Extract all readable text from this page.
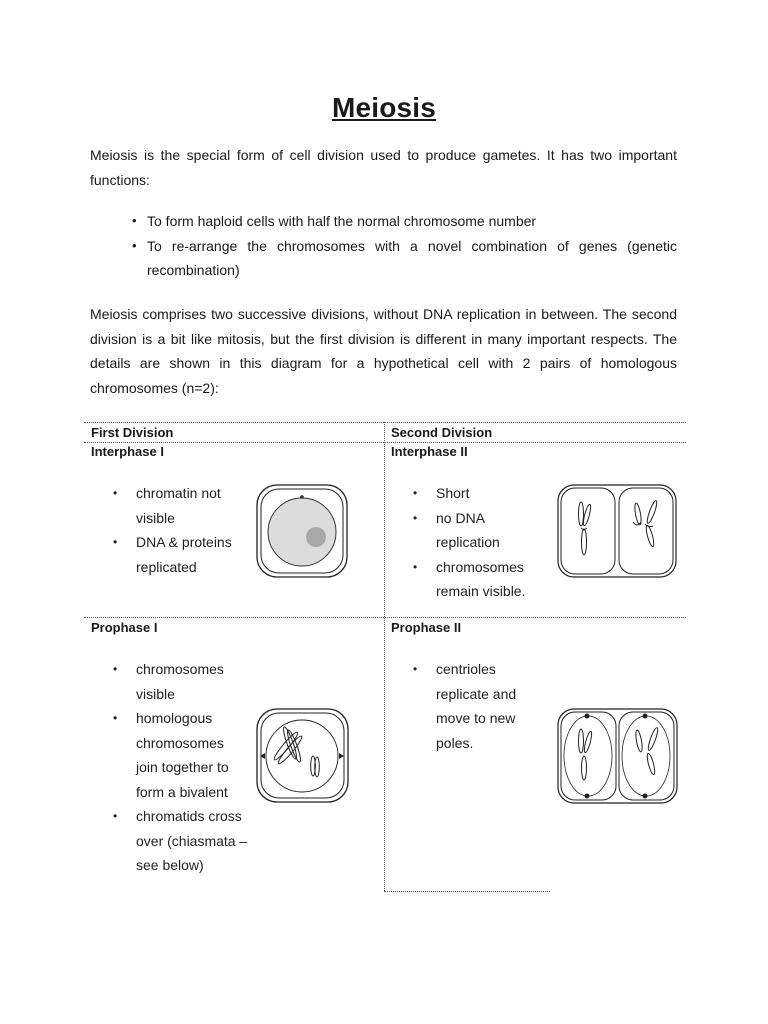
Meiosis

Meiosis is the special form of cell division used to produce gametes. It has two important functions:

• To form haploid cells with half the normal chromosome number
• To re-arrange the chromosomes with a novel combination of genes (genetic recombination)

Meiosis comprises two successive divisions, without DNA replication in between. The second division is a bit like mitosis, but the first division is different in many important respects. The details are shown in this diagram for a hypothetical cell with 2 pairs of homologous chromosomes (n=2):

First Division	Second Division
Interphase I
• chromatin not visible
• DNA & proteins replicated
Interphase II
• Short
• no DNA replication
• chromosomes remain visible.
Prophase I
• chromosomes visible
• homologous chromosomes join together to form a bivalent
• chromatids cross over (chiasmata – see below)
Prophase II
• centrioles replicate and move to new poles.
